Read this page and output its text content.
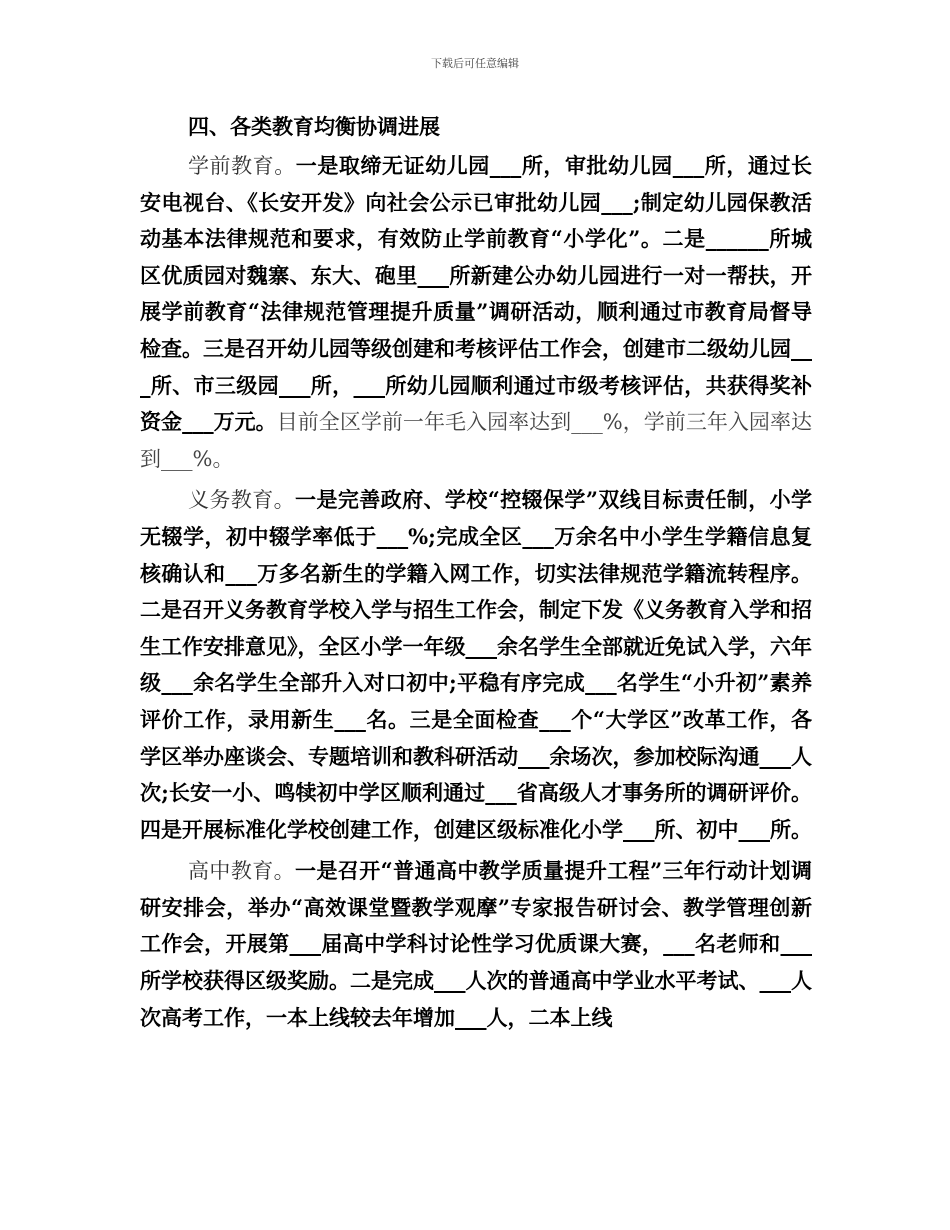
下载后可任意编辑
四、各类教育均衡协调进展

学前教育。一是取缔无证幼儿园___所，审批幼儿园___所，通过长安电视台、《长安开发》向社会公示已审批幼儿园___;制定幼儿园保教活动基本法律规范和要求，有效防止学前教育“小学化”。二是______所城区优质园对魏寨、东大、砲里___所新建公办幼儿园进行一对一帮扶，开展学前教育“法律规范管理提升质量”调研活动，顺利通过市教育局督导检查。三是召开幼儿园等级创建和考核评估工作会，创建市二级幼儿园___所、市三级园___所，___所幼儿园顺利通过市级考核评估，共获得奖补资金___万元。目前全区学前一年毛入园率达到___%，学前三年入园率达到___%。

义务教育。一是完善政府、学校“控辍保学”双线目标责任制，小学无辍学，初中辍学率低于___%;完成全区___万余名中小学生学籍信息复核确认和___万多名新生的学籍入网工作，切实法律规范学籍流转程序。二是召开义务教育学校入学与招生工作会，制定下发《义务教育入学和招生工作安排意见》，全区小学一年级___余名学生全部就近免试入学，六年级___余名学生全部升入对口初中;平稳有序完成___名学生“小升初”素养评价工作，录用新生___名。三是全面检查___个“大学区”改革工作，各学区举办座谈会、专题培训和教科研活动___余场次，参加校际沟通___人次;长安一小、鸣犊初中学区顺利通过___省高级人才事务所的调研评价。四是开展标准化学校创建工作，创建区级标准化小学___所、初中___所。

高中教育。一是召开“普通高中教学质量提升工程”三年行动计划调研安排会，举办“高效课堂暨教学观摩”专家报告研讨会、教学管理创新工作会，开展第___届高中学科讨论性学习优质课大赛，___名老师和___所学校获得区级奖励。二是完成___人次的普通高中学业水平考试、___人次高考工作，一本上线较去年增加___人，二本上线
